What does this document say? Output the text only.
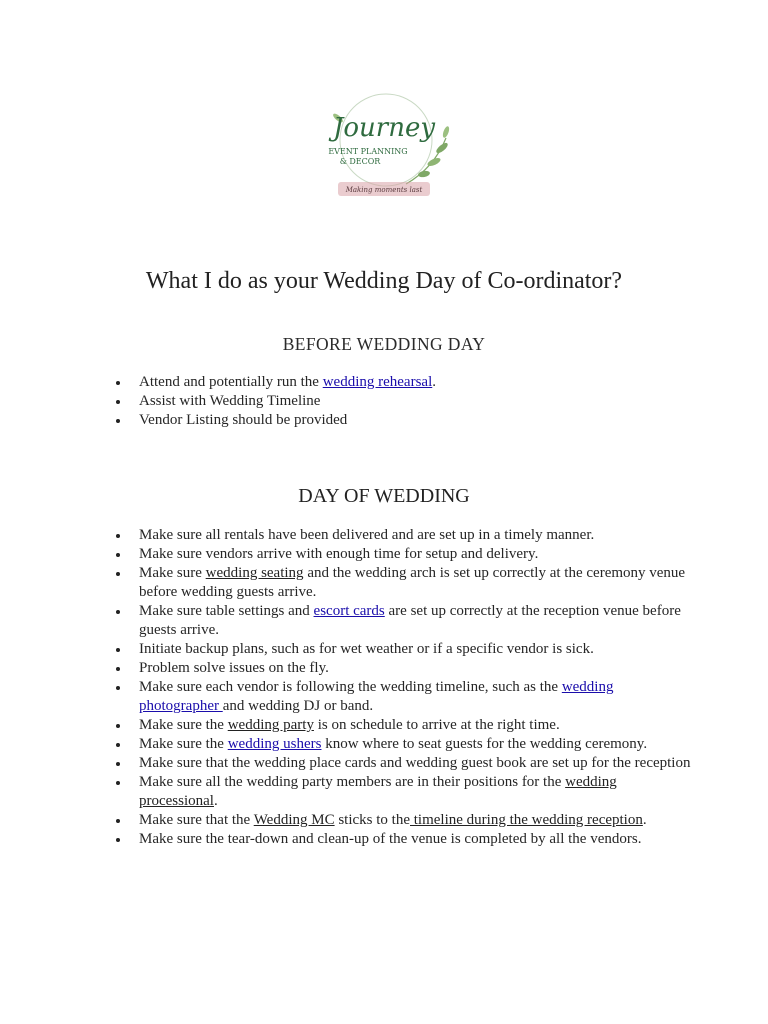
Journey
EVENT PLANNING
& DECOR
Making moments last
What I do as your Wedding Day of Co-ordinator?
BEFORE WEDDING DAY
Attend and potentially run the wedding rehearsal.
Assist with Wedding Timeline
Vendor Listing should be provided
DAY OF WEDDING
Make sure all rentals have been delivered and are set up in a timely manner.
Make sure vendors arrive with enough time for setup and delivery.
Make sure wedding seating and the wedding arch is set up correctly at the ceremony venue before wedding guests arrive.
Make sure table settings and escort cards are set up correctly at the reception venue before guests arrive.
Initiate backup plans, such as for wet weather or if a specific vendor is sick.
Problem solve issues on the fly.
Make sure each vendor is following the wedding timeline, such as the wedding photographer and wedding DJ or band.
Make sure the wedding party is on schedule to arrive at the right time.
Make sure the wedding ushers know where to seat guests for the wedding ceremony.
Make sure that the wedding place cards and wedding guest book are set up for the reception
Make sure all the wedding party members are in their positions for the wedding processional.
Make sure that the Wedding MC sticks to the timeline during the wedding reception.
Make sure the tear-down and clean-up of the venue is completed by all the vendors.
